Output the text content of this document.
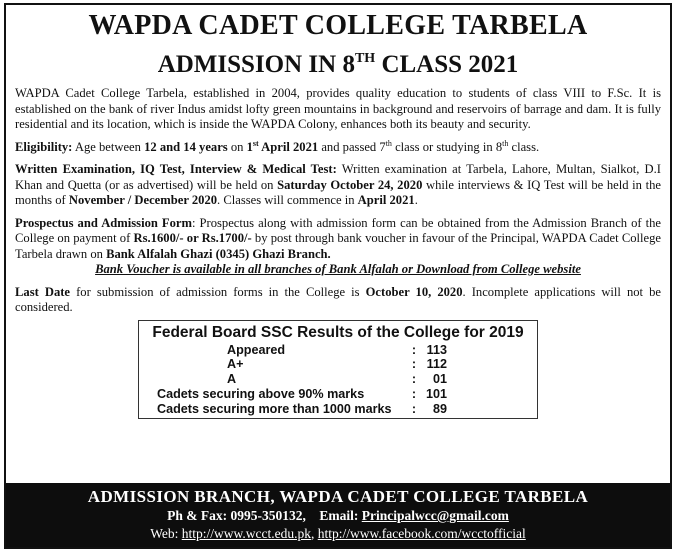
WAPDA CADET COLLEGE TARBELA
ADMISSION IN 8TH CLASS 2021

WAPDA Cadet College Tarbela, established in 2004, provides quality education to students of class VIII to F.Sc. It is established on the bank of river Indus amidst lofty green mountains in background and reservoirs of barrage and dam. It is fully residential and its location, which is inside the WAPDA Colony, enhances both its beauty and security.

Eligibility: Age between 12 and 14 years on 1st April 2021 and passed 7th class or studying in 8th class.

Written Examination, IQ Test, Interview & Medical Test: Written examination at Tarbela, Lahore, Multan, Sialkot, D.I Khan and Quetta (or as advertised) will be held on Saturday October 24, 2020 while interviews & IQ Test will be held in the months of November / December 2020. Classes will commence in April 2021.

Prospectus and Admission Form: Prospectus along with admission form can be obtained from the Admission Branch of the College on payment of Rs.1600/- or Rs.1700/- by post through bank voucher in favour of the Principal, WAPDA Cadet College Tarbela drawn on Bank Alfalah Ghazi (0345) Ghazi Branch.

Bank Voucher is available in all branches of Bank Alfalah or Download from College website

Last Date for submission of admission forms in the College is October 10, 2020. Incomplete applications will not be considered.

Federal Board SSC Results of the College for 2019
Appeared	: 113
A+	: 112
A	:	01
Cadets securing above 90% marks	: 101
Cadets securing more than 1000 marks	:	89
ADMISSION BRANCH, WAPDA CADET COLLEGE TARBELA
Ph & Fax: 0995-350132, Email: Principalwcc@gmail.com
Web: http://www.wcct.edu.pk, http://www.facebook.com/wcctofficial
